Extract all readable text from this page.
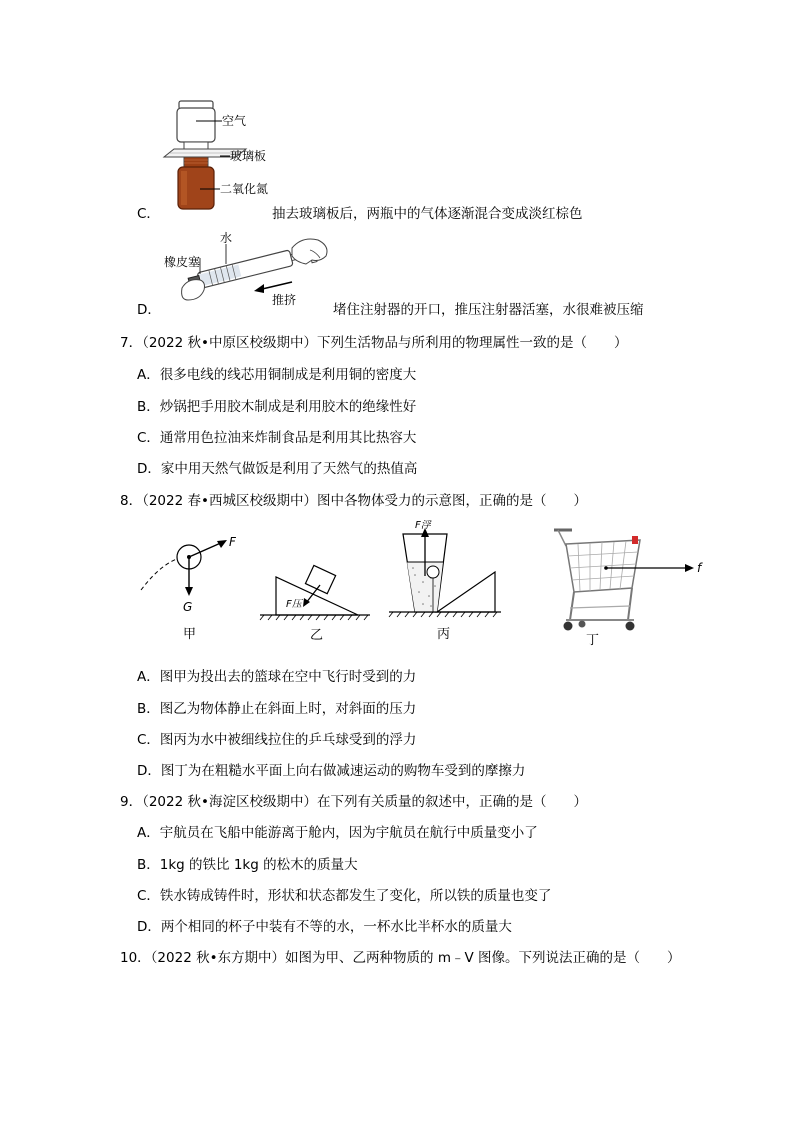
空气
玻璃板
二氧化氮
C．	抽去玻璃板后，两瓶中的气体逐渐混合变成淡红棕色
水
橡皮塞
推挤
D．	堵住注射器的开口，推压注射器活塞，水很难被压缩
7．（2022 秋•中原区校级期中）下列生活物品与所利用的物理属性一致的是（　　）
A．很多电线的线芯用铜制成是利用铜的密度大
B．炒锅把手用胶木制成是利用胶木的绝缘性好
C．通常用色拉油来炸制食品是利用其比热容大
D．家中用天然气做饭是利用了天然气的热值高
8．（2022 春•西城区校级期中）图中各物体受力的示意图，正确的是（　　）
F
G
甲
F压
乙
F浮
丙
f
丁
A．图甲为投出去的篮球在空中飞行时受到的力
B．图乙为物体静止在斜面上时，对斜面的压力
C．图丙为水中被细线拉住的乒乓球受到的浮力
D．图丁为在粗糙水平面上向右做减速运动的购物车受到的摩擦力
9．（2022 秋•海淀区校级期中）在下列有关质量的叙述中，正确的是（　　）
A．宇航员在飞船中能游离于舱内，因为宇航员在航行中质量变小了
B．1kg 的铁比 1kg 的松木的质量大
C．铁水铸成铸件时，形状和状态都发生了变化，所以铁的质量也变了
D．两个相同的杯子中装有不等的水，一杯水比半杯水的质量大
10．（2022 秋•东方期中）如图为甲、乙两种物质的 m﹣V 图像。下列说法正确的是（　　）
